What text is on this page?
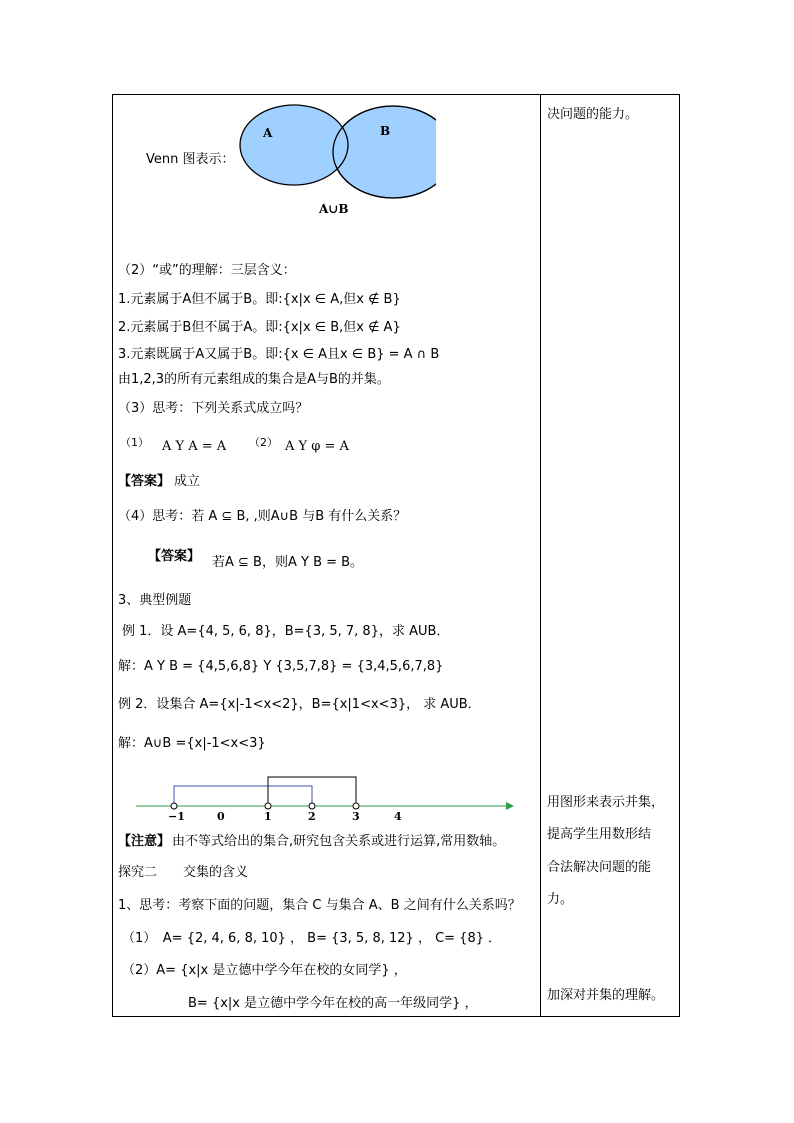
Venn 图表示：
A	B
A∪B
（2）“或”的理解：三层含义：
1.元素属于A但不属于B。即:{x|x ∈ A,但x ∉ B}
2.元素属于B但不属于A。即:{x|x ∈ B,但x ∉ A}
3.元素既属于A又属于B。即:{x ∈ A且x ∈ B} = A ∩ B
由1,2,3的所有元素组成的集合是A与B的并集。
（3）思考：下列关系式成立吗？
（1） A Y A = A （2） A Y φ = A
【答案】 成立
（4）思考：若 A ⊆ B, ,则A∪B 与B 有什么关系？
【答案】 若A ⊆ B，则A Y B = B。
3、典型例题
例 1．设 A={4, 5, 6, 8}，B={3, 5, 7, 8}，求 AUB．
解：A Y B = {4,5,6,8} Y {3,5,7,8} = {3,4,5,6,7,8}
例 2．设集合 A={x|-1<x<2}，B={x|1<x<3}， 求 AUB．
解：A∪B ={x|-1<x<3}
−1	0	1	2	3	4
【注意】 由不等式给出的集合,研究包含关系或进行运算,常用数轴。
探究二　　交集的含义
1、思考：考察下面的问题，集合 C 与集合 A、B 之间有什么关系吗？
（1）　A= {2, 4, 6, 8, 10} ， B= {3, 5, 8, 12} ， C= {8} ．
（2）A= {x|x 是立德中学今年在校的女同学} ，
B= {x|x 是立德中学今年在校的高一年级同学} ，
决问题的能力。
用图形来表示并集，
提高学生用数形结
合法解决问题的能
力。
加深对并集的理解。
